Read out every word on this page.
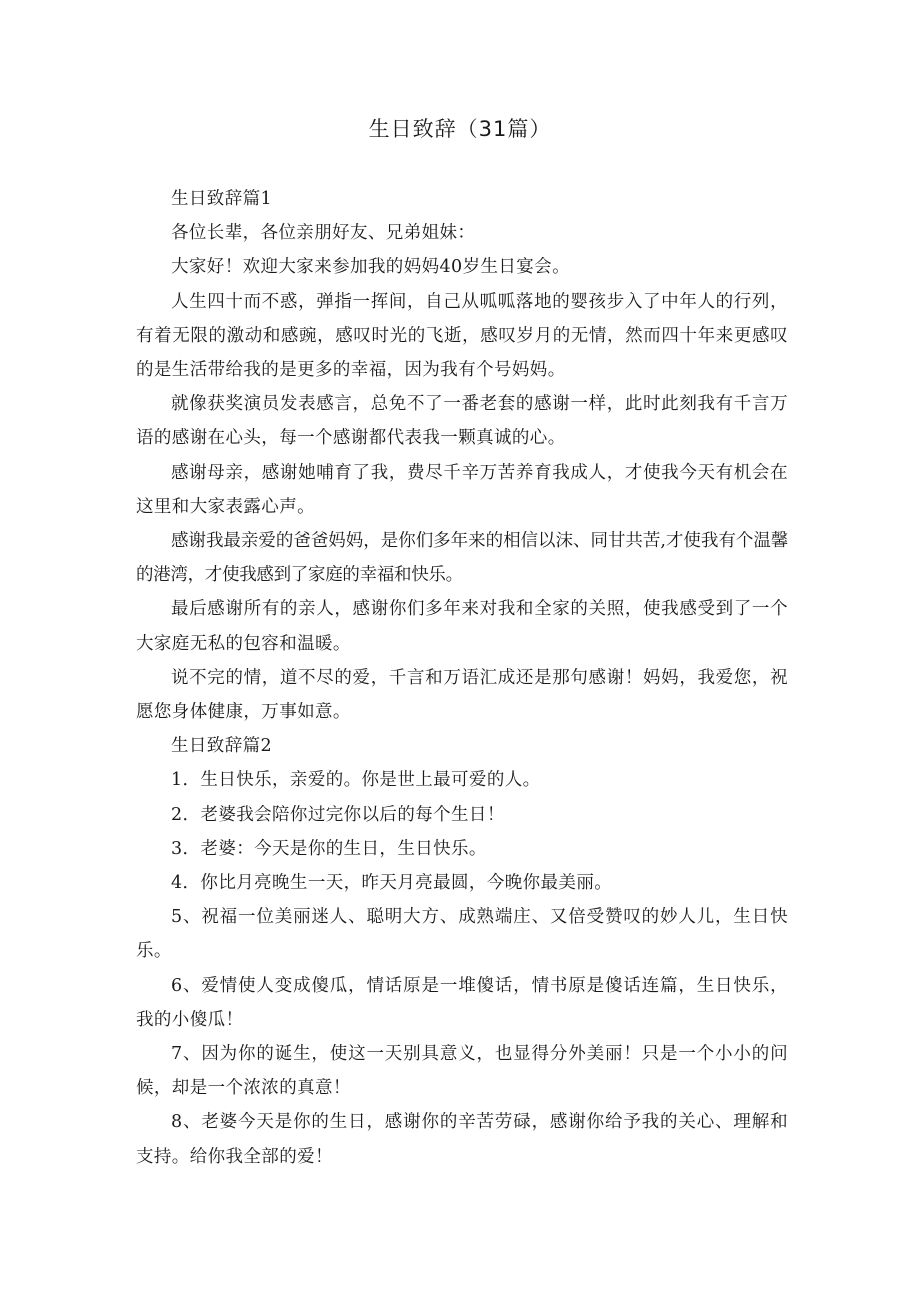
生日致辞（31篇）

生日致辞篇1

各位长辈，各位亲朋好友、兄弟姐妹：

大家好！欢迎大家来参加我的妈妈40岁生日宴会。

人生四十而不惑，弹指一挥间，自己从呱呱落地的婴孩步入了中年人的行列，有着无限的激动和感豌，感叹时光的飞逝，感叹岁月的无情，然而四十年来更感叹的是生活带给我的是更多的幸福，因为我有个号妈妈。

就像获奖演员发表感言，总免不了一番老套的感谢一样，此时此刻我有千言万语的感谢在心头，每一个感谢都代表我一颗真诚的心。

感谢母亲，感谢她哺育了我，费尽千辛万苦养育我成人，才使我今天有机会在这里和大家表露心声。

感谢我最亲爱的爸爸妈妈，是你们多年来的相信以沫、同甘共苦,才使我有个温馨的港湾，才使我感到了家庭的幸福和快乐。

最后感谢所有的亲人，感谢你们多年来对我和全家的关照，使我感受到了一个大家庭无私的包容和温暖。

说不完的情，道不尽的爱，千言和万语汇成还是那句感谢！妈妈，我爱您，祝愿您身体健康，万事如意。

生日致辞篇2

1．生日快乐，亲爱的。你是世上最可爱的人。

2．老婆我会陪你过完你以后的每个生日！

3．老婆：今天是你的生日，生日快乐。

4．你比月亮晚生一天，昨天月亮最圆，今晚你最美丽。

5、祝福一位美丽迷人、聪明大方、成熟端庄、又倍受赞叹的妙人儿，生日快乐。

6、爱情使人变成傻瓜，情话原是一堆傻话，情书原是傻话连篇，生日快乐，我的小傻瓜！

7、因为你的诞生，使这一天别具意义，也显得分外美丽！只是一个小小的问候，却是一个浓浓的真意！

8、老婆今天是你的生日，感谢你的辛苦劳碌，感谢你给予我的关心、理解和支持。给你我全部的爱！
